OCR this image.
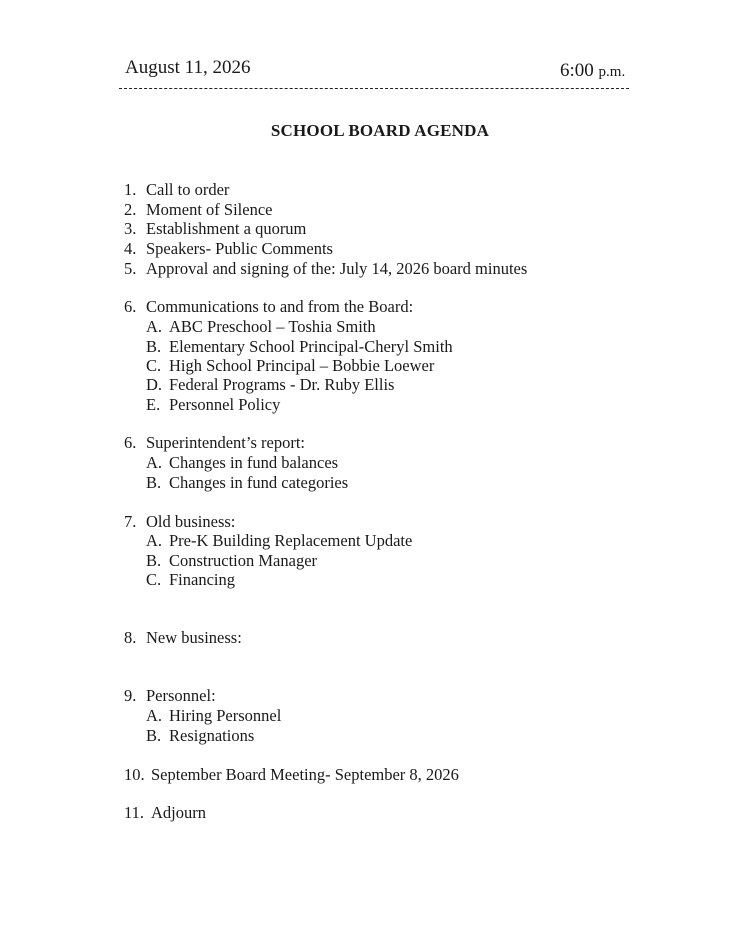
August 11, 2026	6:00 p.m.
SCHOOL BOARD AGENDA
1. Call to order
2. Moment of Silence
3. Establishment a quorum
4. Speakers- Public Comments
5. Approval and signing of the: July 14, 2026 board minutes
6. Communications to and from the Board:
A. ABC Preschool – Toshia Smith
B. Elementary School Principal-Cheryl Smith
C. High School Principal – Bobbie Loewer
D. Federal Programs - Dr. Ruby Ellis
E. Personnel Policy
6. Superintendent’s report:
A. Changes in fund balances
B. Changes in fund categories
7. Old business:
A. Pre-K Building Replacement Update
B. Construction Manager
C. Financing
8. New business:
9. Personnel:
A. Hiring Personnel
B. Resignations
10. September Board Meeting- September 8, 2026
11. Adjourn
